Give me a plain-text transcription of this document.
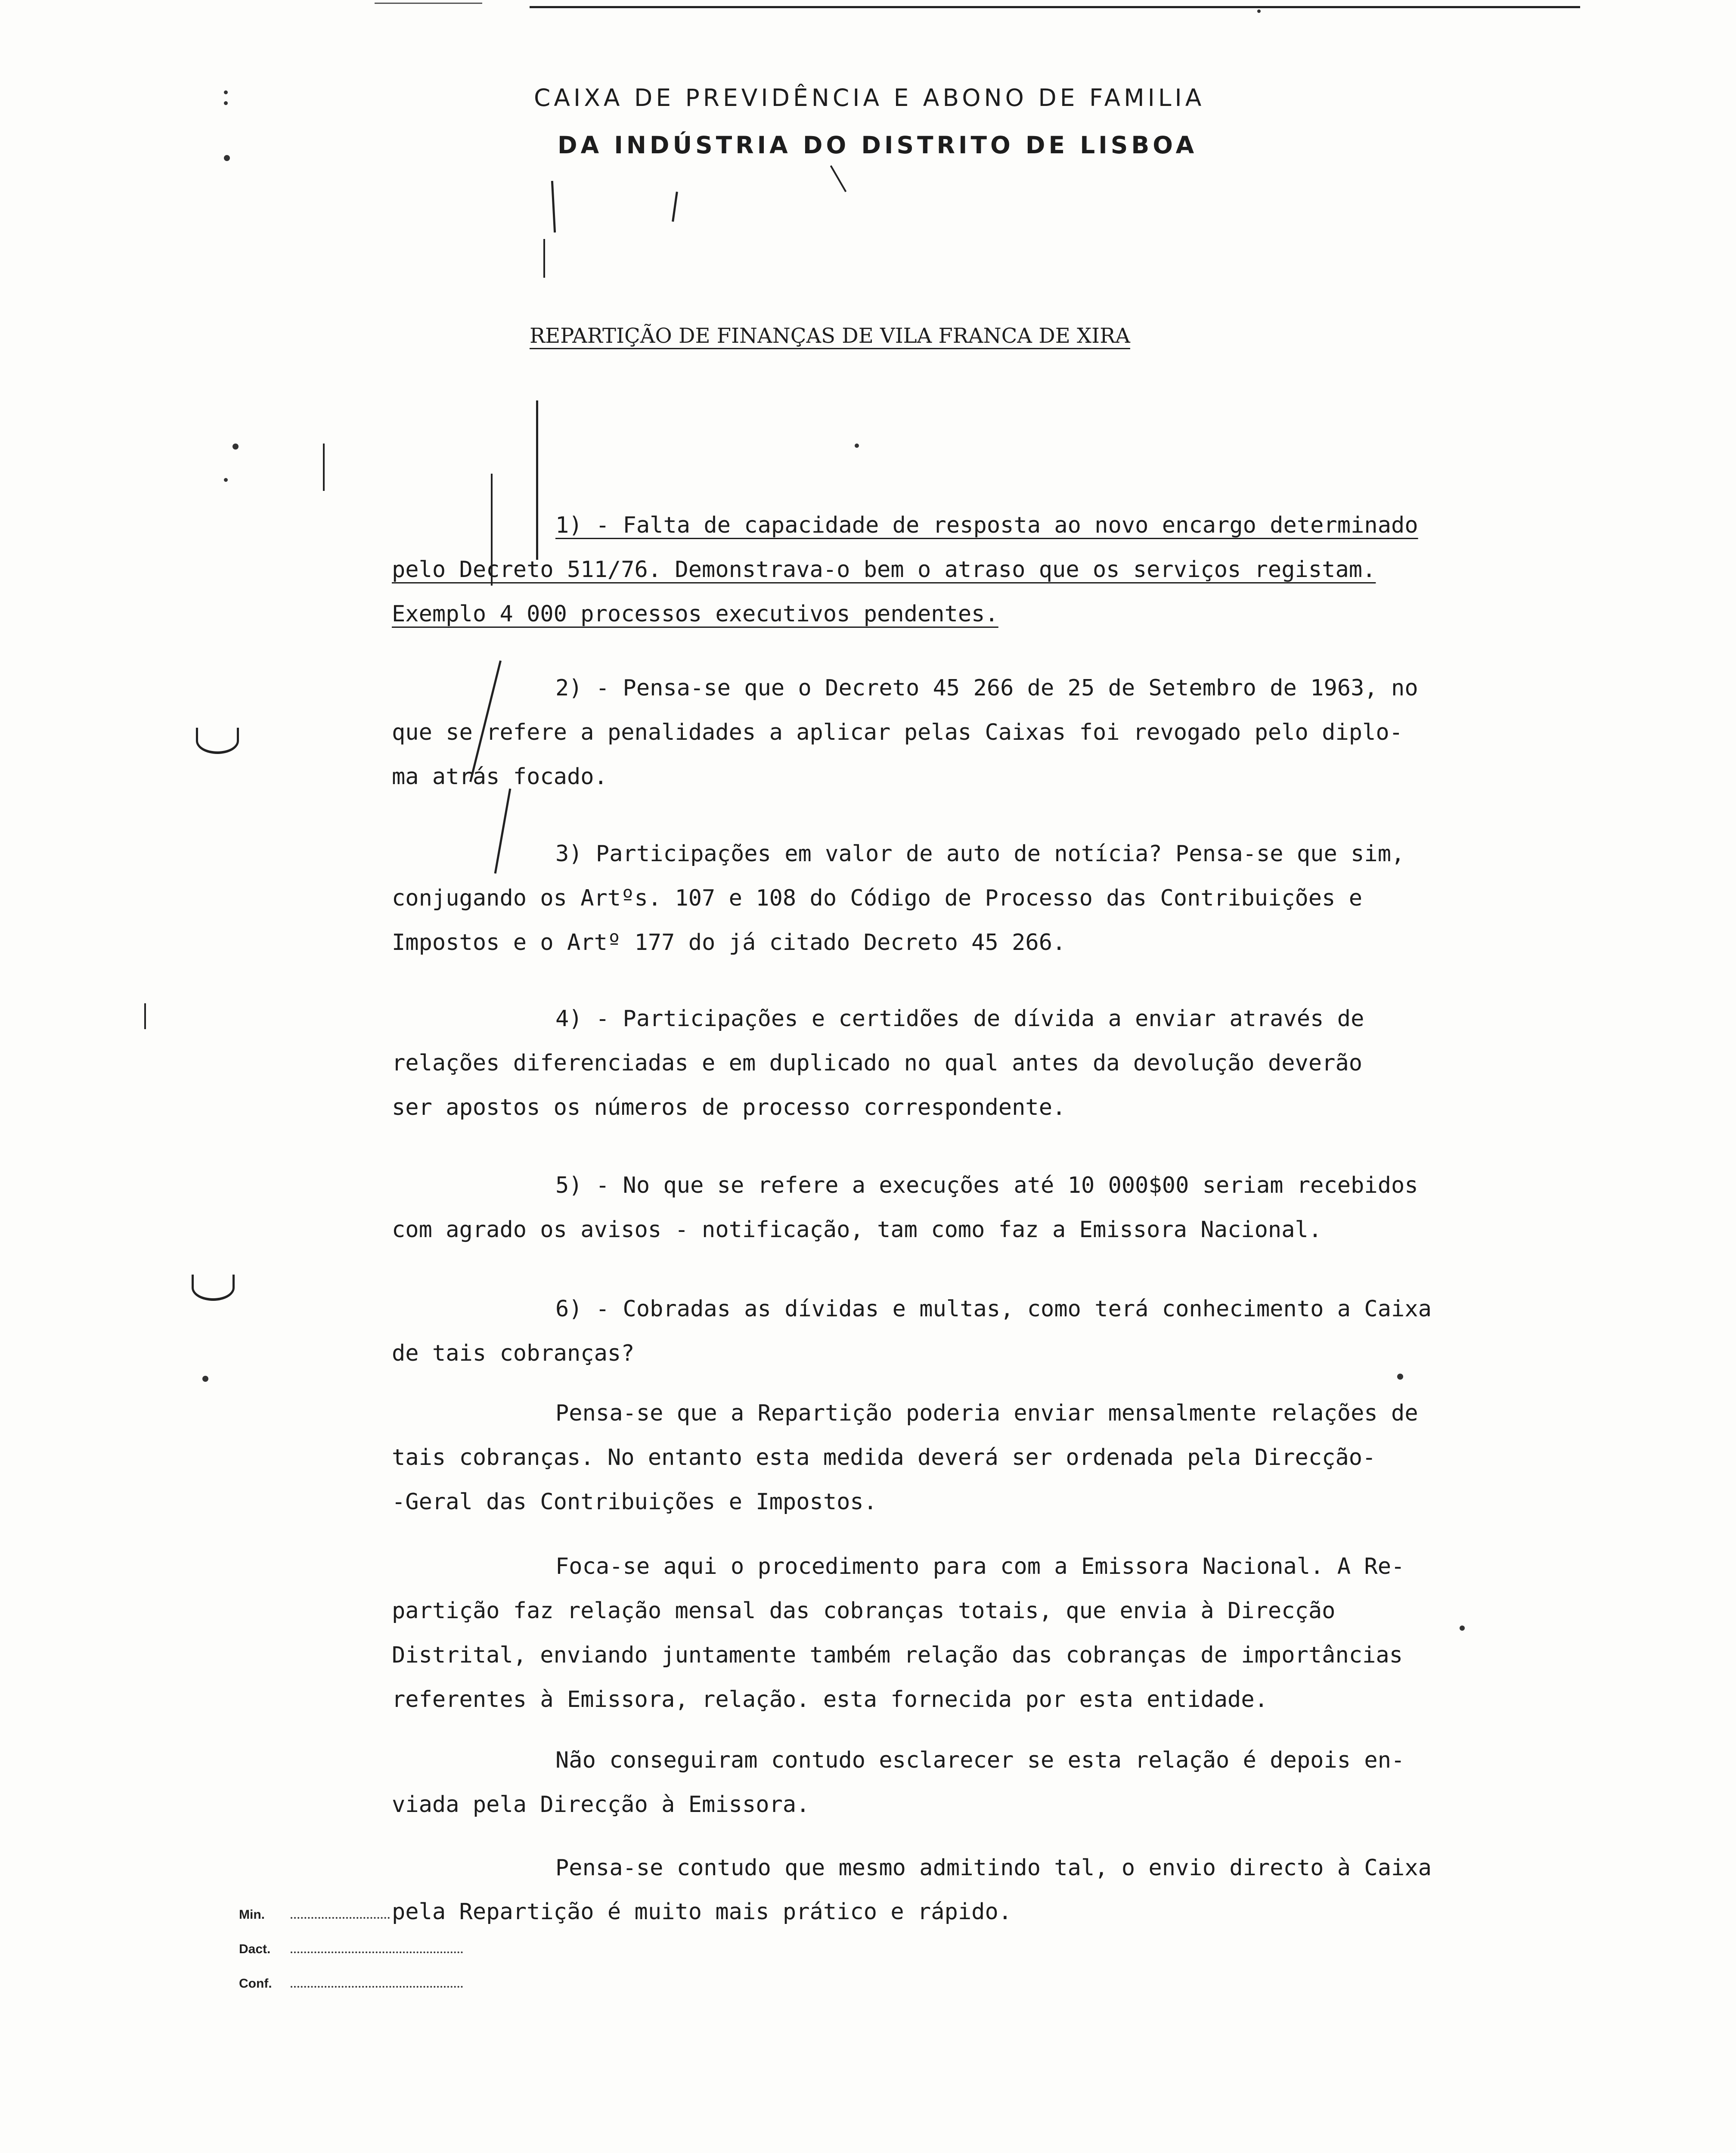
CAIXA DE PREVIDÊNCIA E ABONO DE FAMILIA
DA INDÚSTRIA DO DISTRITO DE LISBOA
REPARTIÇÃO DE FINANÇAS DE VILA FRANCA DE XIRA
1) - Falta de capacidade de resposta ao novo encargo determinado
pelo Decreto 511/76. Demonstrava-o bem o atraso que os serviços registam.
Exemplo 4 000 processos executivos pendentes.
2) - Pensa-se que o Decreto 45 266 de 25 de Setembro de 1963, no
que se refere a penalidades a aplicar pelas Caixas foi revogado pelo diplo-
ma atrás focado.
3) Participações em valor de auto de notícia? Pensa-se que sim,
conjugando os Artºs. 107 e 108 do Código de Processo das Contribuições e
Impostos e o Artº 177 do já citado Decreto 45 266.
4) - Participações e certidões de dívida a enviar através de
relações diferenciadas e em duplicado no qual antes da devolução deverão
ser apostos os números de processo correspondente.
5) - No que se refere a execuções até 10 000$00 seriam recebidos
com agrado os avisos - notificação, tam como faz a Emissora Nacional.
6) - Cobradas as dívidas e multas, como terá conhecimento a Caixa
de tais cobranças?
Pensa-se que a Repartição poderia enviar mensalmente relações de
tais cobranças. No entanto esta medida deverá ser ordenada pela Direcção-
-Geral das Contribuições e Impostos.
Foca-se aqui o procedimento para com a Emissora Nacional. A Re-
partição faz relação mensal das cobranças totais, que envia à Direcção
Distrital, enviando juntamente também relação das cobranças de importâncias
referentes à Emissora, relação. esta fornecida por esta entidade.
Não conseguiram contudo esclarecer se esta relação é depois en-
viada pela Direcção à Emissora.
Pensa-se contudo que mesmo admitindo tal, o envio directo à Caixa
pela Repartição é muito mais prático e rápido.
Min.
Dact.
Conf.
